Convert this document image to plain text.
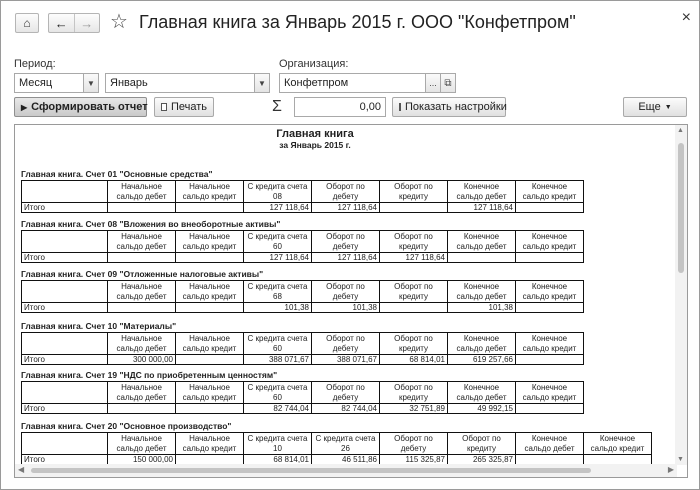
⌂	← → ☆ Главная книга за Январь 2015 г. ООО "Конфетпром"	×
Период:	Организация:
Месяц	▼	Январь	▼	Конфетпром	... ⧉
▶ Сформировать отчет Печать	Σ	0,00	Показать настройки	Еще ▼
Главная книга
за Январь 2015 г.
Главная книга. Счет 01 "Основные средства"
	Начальное сальдо дебет	Начальное сальдо кредит	С кредита счета 08	Оборот по дебету	Оборот по кредиту	Конечное сальдо дебет	Конечное сальдо кредит
Итого			127 118,64	127 118,64		127 118,64	
Главная книга. Счет 08 "Вложения во внеоборотные активы"
	Начальное сальдо дебет	Начальное сальдо кредит	С кредита счета 60	Оборот по дебету	Оборот по кредиту	Конечное сальдо дебет	Конечное сальдо кредит
Итого			127 118,64	127 118,64	127 118,64		
Главная книга. Счет 09 "Отложенные налоговые активы"
	Начальное сальдо дебет	Начальное сальдо кредит	С кредита счета 68	Оборот по дебету	Оборот по кредиту	Конечное сальдо дебет	Конечное сальдо кредит
Итого			101,38	101,38		101,38	
Главная книга. Счет 10 "Материалы"
	Начальное сальдо дебет	Начальное сальдо кредит	С кредита счета 60	Оборот по дебету	Оборот по кредиту	Конечное сальдо дебет	Конечное сальдо кредит
Итого	300 000,00		388 071,67	388 071,67	68 814,01	619 257,66	
Главная книга. Счет 19 "НДС по приобретенным ценностям"
	Начальное сальдо дебет	Начальное сальдо кредит	С кредита счета 60	Оборот по дебету	Оборот по кредиту	Конечное сальдо дебет	Конечное сальдо кредит
Итого			82 744,04	82 744,04	32 751,89	49 992,15	
Главная книга. Счет 20 "Основное производство"
	Начальное сальдо дебет	Начальное сальдо кредит	С кредита счета 10	С кредита счета 26	Оборот по дебету	Оборот по кредиту	Конечное сальдо дебет	Конечное сальдо кредит
Итого	150 000,00		68 814,01	46 511,86	115 325,87	265 325,87		
▲
▼
◀	▶
